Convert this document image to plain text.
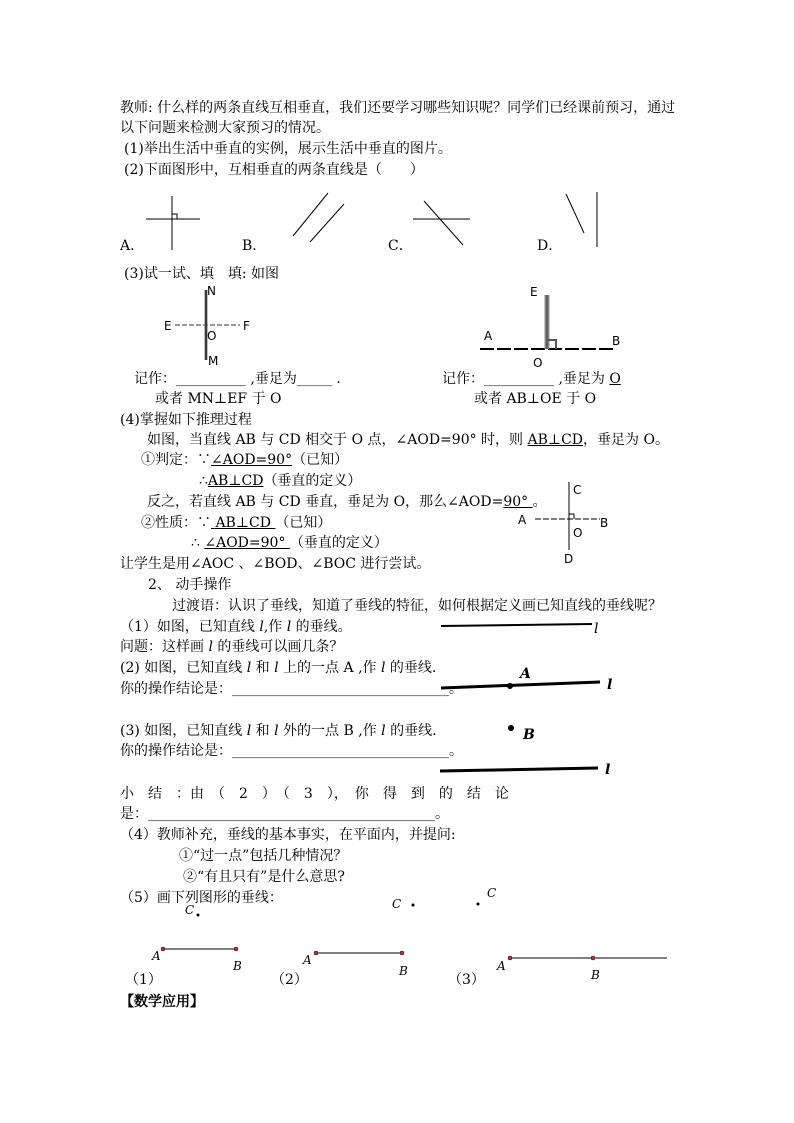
教师: 什么样的两条直线互相垂直，我们还要学习哪些知识呢？同学们已经课前预习，通过
以下问题来检测大家预习的情况。
(1)举出生活中垂直的实例，展示生活中垂直的图片。
(2)下面图形中，互相垂直的两条直线是（　　）
A．	B．	C．	D．
(3)试一试、填　填: 如图
N
E
O
F
M
E
A	B
O
记作：__________ ,垂足为_____ .
或者 MN⊥EF 于 O
记作：__________ ,垂足为 O
或者 AB⊥OE 于 O
(4)掌握如下推理过程
如图，当直线 AB 与 CD 相交于 O 点，∠AOD=90° 时，则 AB⊥CD，垂足为 O。
①判定：∵∠AOD=90°（已知）
∴AB⊥CD（垂直的定义）
反之，若直线 AB 与 CD 垂直，垂足为 O，那么∠AOD=90° 。
②性质：∵ AB⊥CD （已知）
∴ ∠AOD=90° （垂直的定义）
让学生是用∠AOC 、∠BOD、∠BOC 进行尝试。
C
A	B
O
D
2、 动手操作
过渡语：认识了垂线，知道了垂线的特征，如何根据定义画已知直线的垂线呢？
（1）如图，已知直线 l,作 l 的垂线。
问题：这样画 l 的垂线可以画几条？
(2) 如图，已知直线 l 和 l 上的一点 A ,作 l 的垂线.
你的操作结论是：_______________________________。
(3) 如图，已知直线 l 和 l 外的一点 B ,作 l 的垂线.
你的操作结论是：_______________________________。
l
A
l
B
l
小　结　：由　（　2　）　（　3　），　你　得　到　的　结　论
是：_________________________________________。
（4）教师补充，垂线的基本事实，在平面内，并提问:
①“过一点”包括几种情况？
②“有且只有”是什么意思?
（5）画下列图形的垂线：
C	C
C
A
B	A
B	A
B
（1）	（2）	（3）
【数学应用】
